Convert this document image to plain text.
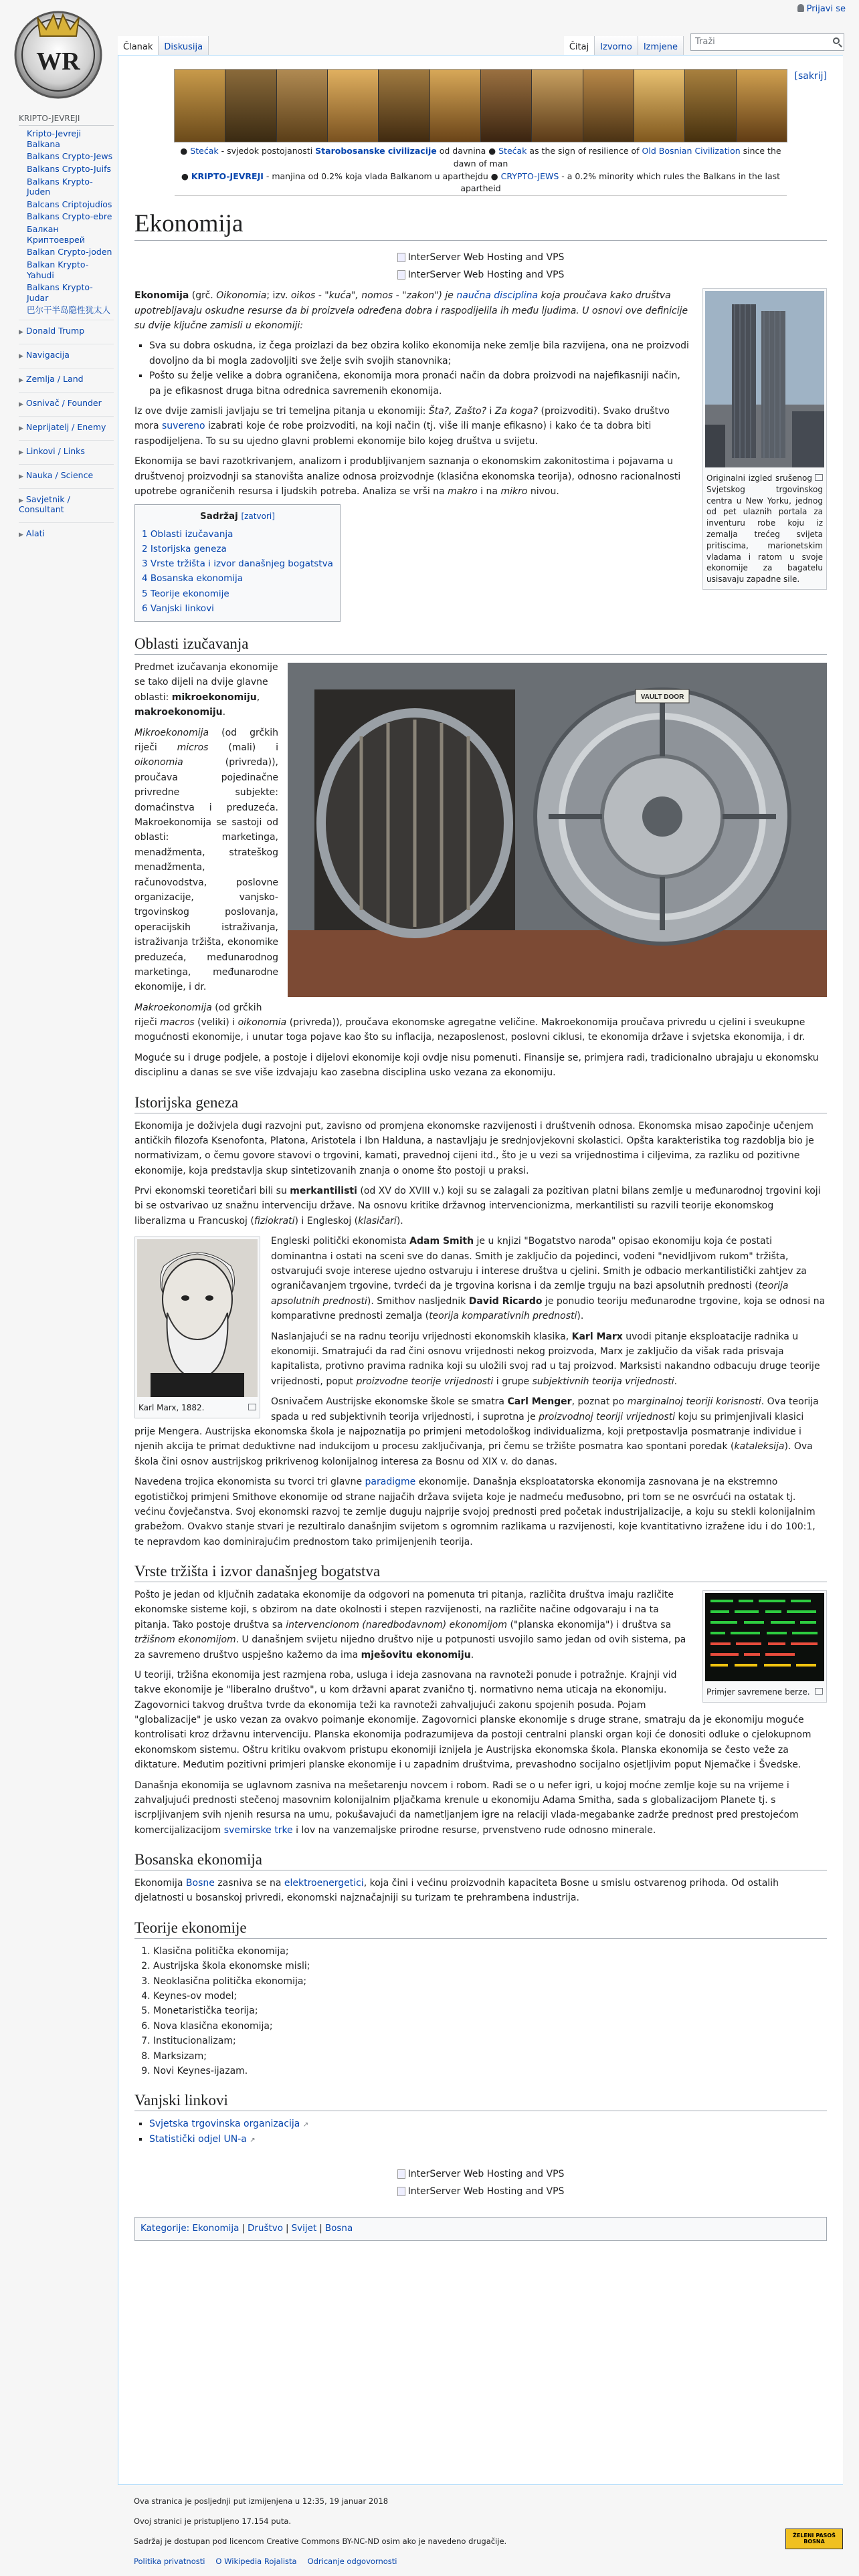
Prijavi se
WR
KRIPTO-JEVREJI
Kripto-Jevreji Balkana
Balkans Crypto-Jews
Balkans Crypto-Juifs
Balkans Krypto-Juden
Balcans Criptojudíos
Balkans Crypto-ebre
Балкан Криптоеврей
Balkan Crypto-joden
Balkan Krypto-Yahudi
Balkans Krypto-Judar
巴尔干半岛隐性犹太人
▶ Donald Trump
▶ Navigacija
▶ Zemlja / Land
▶ Osnivač / Founder
▶ Neprijatelj / Enemy
▶ Linkovi / Links
▶ Nauka / Science
▶ Savjetnik / Consultant
▶ Alati
Članak	Diskusija	Čitaj	Izvorno	Izmjene
Traži
[sakrij]
● Stećak - svjedok postojanosti Starobosanske civilizacije od davnina ● Stećak as the sign of resilience of Old Bosnian Civilization since the dawn of man
● KRIPTO-JEVREJI - manjina od 0.2% koja vlada Balkanom u aparthejdu ● CRYPTO-JEWS - a 0.2% minority which rules the Balkans in the last apartheid
Ekonomija
InterServer Web Hosting and VPS

InterServer Web Hosting and VPS
Originalni izgled srušenog Svjetskog trgovinskog centra u New Yorku, jednog od pet ulaznih portala za inventuru robe koju iz zemalja trećeg svijeta pritiscima, marionetskim vladama i ratom u svoje ekonomije za bagatelu usisavaju zapadne sile.

Ekonomija (grč. Oikonomia; izv. oikos - "kuća", nomos - "zakon") je naučna disciplina koja proučava kako društva upotrebljavaju oskudne resurse da bi proizvela određena dobra i raspodijelila ih među ljudima. U osnovi ove definicije su dvije ključne zamisli u ekonomiji:

▪ Sva su dobra oskudna, iz čega proizlazi da bez obzira koliko ekonomija neke zemlje bila razvijena, ona ne proizvodi dovoljno da bi mogla zadovoljiti sve želje svih svojih stanovnika;
▪ Pošto su želje velike a dobra ograničena, ekonomija mora pronaći način da dobra proizvodi na najefikasniji način, pa je efikasnost druga bitna odrednica savremenih ekonomija.

Iz ove dvije zamisli javljaju se tri temeljna pitanja u ekonomiji: Šta?, Zašto? i Za koga? (proizvoditi). Svako društvo mora suvereno izabrati koje će robe proizvoditi, na koji način (tj. više ili manje efikasno) i kako će ta dobra biti raspodijeljena. To su su ujedno glavni problemi ekonomije bilo kojeg društva u svijetu.

Ekonomija se bavi razotkrivanjem, analizom i produbljivanjem saznanja o ekonomskim zakonitostima i pojavama u društvenoj proizvodnji sa stanovišta analize odnosa proizvodnje (klasična ekonomska teorija), odnosno racionalnosti upotrebe ograničenih resursa i ljudskih potreba. Analiza se vrši na makro i na mikro nivou.

Sadržaj [zatvori]
1 Oblasti izučavanja
2 Istorijska geneza
3 Vrste tržišta i izvor današnjeg bogatstva
4 Bosanska ekonomija
5 Teorije ekonomije
6 Vanjski linkovi
Oblasti izučavanja
VAULT DOOR

Predmet izučavanja ekonomije se tako dijeli na dvije glavne oblasti: mikroekonomiju, makroekonomiju.

Mikroekonomija (od grčkih riječi micros (mali) i oikonomia (privreda)), proučava pojedinačne privredne subjekte: domaćinstva i preduzeća. Makroekonomija se sastoji od oblasti: marketinga, menadžmenta, strateškog menadžmenta, računovodstva, poslovne organizacije, vanjsko-trgovinskog poslovanja, operacijskih istraživanja, istraživanja tržišta, ekonomike preduzeća, međunarodnog marketinga, međunarodne ekonomije, i dr.

Makroekonomija (od grčkih riječi macros (veliki) i oikonomia (privreda)), proučava ekonomske agregatne veličine. Makroekonomija proučava privredu u cjelini i sveukupne mogućnosti ekonomije, i unutar toga pojave kao što su inflacija, nezaposlenost, poslovni ciklusi, te ekonomija države i svjetska ekonomija, i dr.

Moguće su i druge podjele, a postoje i dijelovi ekonomije koji ovdje nisu pomenuti. Finansije se, primjera radi, tradicionalno ubrajaju u ekonomsku disciplinu a danas se sve više izdvajaju kao zasebna disciplina usko vezana za ekonomiju.

Istorijska geneza

Ekonomija je doživjela dugi razvojni put, zavisno od promjena ekonomske razvijenosti i društvenih odnosa. Ekonomska misao započinje učenjem antičkih filozofa Ksenofonta, Platona, Aristotela i Ibn Halduna, a nastavljaju je srednjovjekovni skolastici. Opšta karakteristika tog razdoblja bio je normativizam, o čemu govore stavovi o trgovini, kamati, pravednoj cijeni itd., što je u vezi sa vrijednostima i ciljevima, za razliku od pozitivne ekonomije, koja predstavlja skup sintetizovanih znanja o onome što postoji u praksi.

Prvi ekonomski teoretičari bili su merkantilisti (od XV do XVIII v.) koji su se zalagali za pozitivan platni bilans zemlje u međunarodnoj trgovini koji bi se ostvarivao uz snažnu intervenciju države. Na osnovu kritike državnog intervencionizma, merkantilisti su razvili teorije ekonomskog liberalizma u Francuskoj (fiziokrati) i Engleskoj (klasičari).

Karl Marx, 1882.

Engleski politički ekonomista Adam Smith je u knjizi "Bogatstvo naroda" opisao ekonomiju koja će postati dominantna i ostati na sceni sve do danas. Smith je zaključio da pojedinci, vođeni "nevidljivom rukom" tržišta, ostvarujući svoje interese ujedno ostvaruju i interese društva u cjelini. Smith je odbacio merkantilistički zahtjev za ograničavanjem trgovine, tvrdeći da je trgovina korisna i da zemlje trguju na bazi apsolutnih prednosti (teorija apsolutnih prednosti). Smithov nasljednik David Ricardo je ponudio teoriju međunarodne trgovine, koja se odnosi na komparativne prednosti zemalja (teorija komparativnih prednosti).

Naslanjajući se na radnu teoriju vrijednosti ekonomskih klasika, Karl Marx uvodi pitanje eksploatacije radnika u ekonomiji. Smatrajući da rad čini osnovu vrijednosti nekog proizvoda, Marx je zaključio da višak rada prisvaja kapitalista, protivno pravima radnika koji su uložili svoj rad u taj proizvod. Marksisti nakandno odbacuju druge teorije vrijednosti, poput proizvodne teorije vrijednosti i grupe subjektivnih teorija vrijednosti.

Osnivačem Austrijske ekonomske škole se smatra Carl Menger, poznat po marginalnoj teoriji korisnosti. Ova teorija spada u red subjektivnih teorija vrijednosti, i suprotna je proizvodnoj teoriji vrijednosti koju su primjenjivali klasici prije Mengera. Austrijska ekonomska škola je najpoznatija po primjeni metodološkog individualizma, koji pretpostavlja posmatranje individue i njenih akcija te primat deduktivne nad indukcijom u procesu zaključivanja, pri čemu se tržište posmatra kao spontani poredak (kataleksija). Ova škola čini osnov austrijskog prikrivenog kolonijalnog interesa za Bosnu od XIX v. do danas.

Navedena trojica ekonomista su tvorci tri glavne paradigme ekonomije. Današnja eksploatatorska ekonomija zasnovana je na ekstremno egotističkoj primjeni Smithove ekonomije od strane najjačih država svijeta koje je nadmeću međusobno, pri tom se ne osvrćući na ostatak tj. većinu čovječanstva. Svoj ekonomski razvoj te zemlje duguju najprije svojoj prednosti pred početak industrijalizacije, a koju su stekli kolonijalnim grabežom. Ovakvo stanje stvari je rezultiralo današnjim svijetom s ogromnim razlikama u razvijenosti, koje kvantitativno izražene idu i do 100:1, te nepravdom kao dominirajućim prednostom tako primijenjenih teorija.

Vrste tržišta i izvor današnjeg bogatstva
Primjer savremene berze.

Pošto je jedan od ključnih zadataka ekonomije da odgovori na pomenuta tri pitanja, različita društva imaju različite ekonomske sisteme koji, s obzirom na date okolnosti i stepen razvijenosti, na različite načine odgovaraju i na ta pitanja. Tako postoje društva sa intervencionom (naredbodavnom) ekonomijom ("planska ekonomija") i društva sa tržišnom ekonomijom. U današnjem svijetu nijedno društvo nije u potpunosti usvojilo samo jedan od ovih sistema, pa za savremeno društvo uspješno kažemo da ima mješovitu ekonomiju.

U teoriji, tržišna ekonomija jest razmjena roba, usluga i ideja zasnovana na ravnoteži ponude i potražnje. Krajnji vid takve ekonomije je "liberalno društvo", u kom državni aparat zvanično tj. normativno nema uticaja na ekonomiju. Zagovornici takvog društva tvrde da ekonomija teži ka ravnoteži zahvaljujući zakonu spojenih posuda. Pojam "globalizacije" je usko vezan za ovakvo poimanje ekonomije. Zagovornici planske ekonomije s druge strane, smatraju da je ekonomiju moguće kontrolisati kroz državnu intervenciju. Planska ekonomija podrazumijeva da postoji centralni planski organ koji će donositi odluke o cjelokupnom ekonomskom sistemu. Oštru kritiku ovakvom pristupu ekonomiji iznijela je Austrijska ekonomska škola. Planska ekonomija se često veže za diktature. Međutim pozitivni primjeri planske ekonomije i u zapadnim društvima, prevashodno socijalno osjetljivim poput Njemačke i Švedske.

Današnja ekonomija se uglavnom zasniva na mešetarenju novcem i robom. Radi se o u nefer igri, u kojoj moćne zemlje koje su na vrijeme i zahvaljujući prednosti stečenoj masovnim kolonijalnim pljačkama krenule u ekonomiju Adama Smitha, sada s globalizacijom Planete tj. s iscrpljivanjem svih njenih resursa na umu, pokušavajući da nametljanjem igre na relaciji vlada-megabanke zadrže prednost pred prestojećom komercijalizacijom svemirske trke i lov na vanzemaljske prirodne resurse, prvenstveno rude odnosno minerale.

Bosanska ekonomija

Ekonomija Bosne zasniva se na elektroenergetici, koja čini i većinu proizvodnih kapaciteta Bosne u smislu ostvarenog prihoda. Od ostalih djelatnosti u bosanskoj privredi, ekonomski najznačajniji su turizam te prehrambena industrija.

Teorije ekonomije
1. Klasična politička ekonomija;
2. Austrijska škola ekonomske misli;
3. Neoklasična politička ekonomija;
4. Keynes-ov model;
5. Monetaristička teorija;
6. Nova klasična ekonomija;
7. Institucionalizam;
8. Marksizam;
9. Novi Keynes-ijazam.
Vanjski linkovi
▪ Svjetska trgovinska organizacija ↗
▪ Statistički odjel UN-a ↗
InterServer Web Hosting and VPS

InterServer Web Hosting and VPS
Kategorije: Ekonomija | Društvo | Svijet | Bosna

Ova stranica je posljednji put izmijenjena u 12:35, 19 januar 2018

Ovoj stranici je pristupljeno 17.154 puta.

Sadržaj je dostupan pod licencom Creative Commons BY-NC-ND osim ako je navedeno drugačije.

Politika privatnosti O Wikipedia Rojalista Odricanje odgovornosti

ŽELENI PASOŠ BOSNA
